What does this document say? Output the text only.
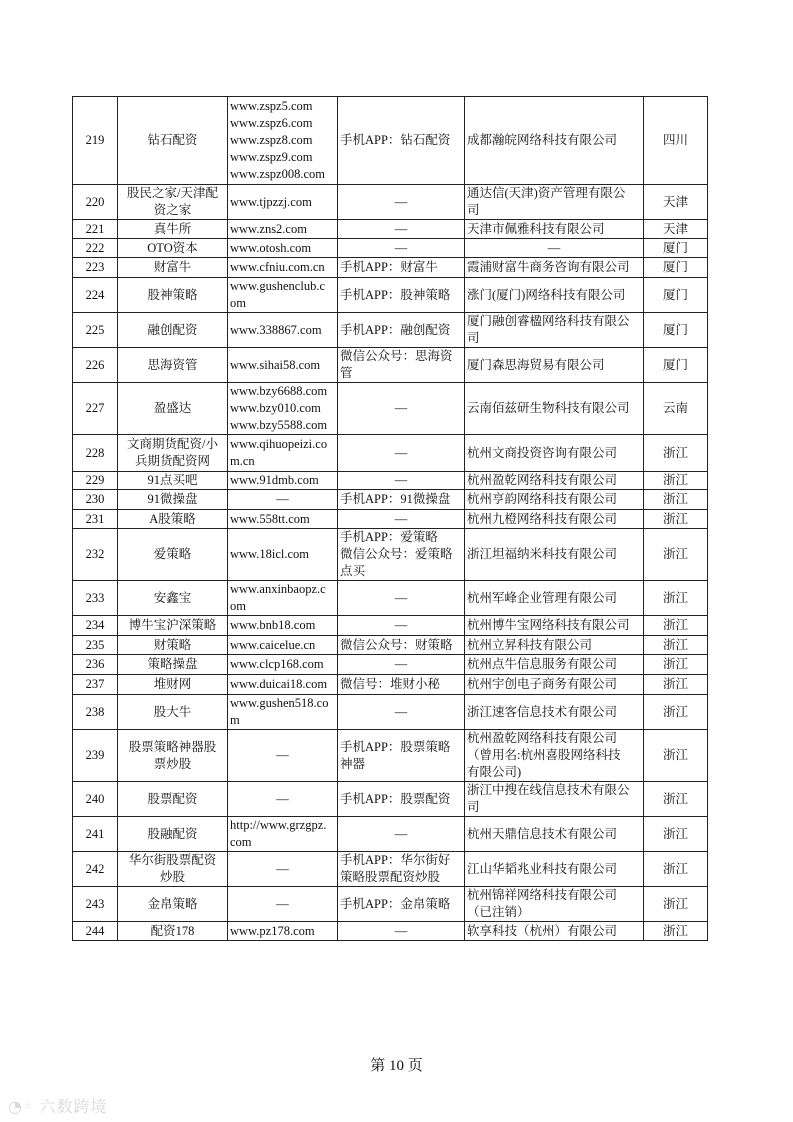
219	钻石配资	www.zspz5.com
www.zspz6.com
www.zspz8.com
www.zspz9.com
www.zspz008.com	手机APP：钻石配资	成都瀚皖网络科技有限公司	四川
220	股民之家/天津配
资之家	www.tjpzzj.com	—	通达信(天津)资产管理有限公
司	天津
221	真牛所	www.zns2.com	—	天津市佩雅科技有限公司	天津
222	OTO资本	www.otosh.com	—	—	厦门
223	财富牛	www.cfniu.com.cn	手机APP：财富牛	霞浦财富牛商务咨询有限公司	厦门
224	股神策略	www.gushenclub.c
om	手机APP：股神策略	涨门(厦门)网络科技有限公司	厦门
225	融创配资	www.338867.com	手机APP：融创配资	厦门融创睿楹网络科技有限公
司	厦门
226	思海资管	www.sihai58.com	微信公众号：思海资
管	厦门森思海贸易有限公司	厦门
227	盈盛达	www.bzy6688.com
www.bzy010.com
www.bzy5588.com	—	云南佰兹研生物科技有限公司	云南
228	文商期货配资/小
兵期货配资网	www.qihuopeizi.co
m.cn	—	杭州文商投资咨询有限公司	浙江
229	91点买吧	www.91dmb.com	—	杭州盈乾网络科技有限公司	浙江
230	91微操盘	—	手机APP：91微操盘	杭州亨韵网络科技有限公司	浙江
231	A股策略	www.558tt.com	—	杭州九橙网络科技有限公司	浙江
232	爱策略	www.18icl.com	手机APP：爱策略
微信公众号：爱策略
点买	浙江坦福纳米科技有限公司	浙江
233	安鑫宝	www.anxinbaopz.c
om	—	杭州军峰企业管理有限公司	浙江
234	博牛宝沪深策略	www.bnb18.com	—	杭州博牛宝网络科技有限公司	浙江
235	财策略	www.caicelue.cn	微信公众号：财策略	杭州立昇科技有限公司	浙江
236	策略操盘	www.clcp168.com	—	杭州点牛信息服务有限公司	浙江
237	堆财网	www.duicai18.com	微信号：堆财小秘	杭州宇创电子商务有限公司	浙江
238	股大牛	www.gushen518.co
m	—	浙江速客信息技术有限公司	浙江
239	股票策略神器股
票炒股	—	手机APP：股票策略
神器	杭州盈乾网络科技有限公司
（曾用名:杭州喜股网络科技
有限公司)	浙江
240	股票配资	—	手机APP：股票配资	浙江中搜在线信息技术有限公
司	浙江
241	股融配资	http://www.grzgpz.
com	—	杭州天鼎信息技术有限公司	浙江
242	华尔街股票配资
炒股	—	手机APP：华尔街好
策略股票配资炒股	江山华韬兆业科技有限公司	浙江
243	金帛策略	—	手机APP：金帛策略	杭州锦祥网络科技有限公司
（已注销）	浙江
244	配资178	www.pz178.com	—	软享科技（杭州）有限公司	浙江
第 10 页
◔◦ 六数跨境
